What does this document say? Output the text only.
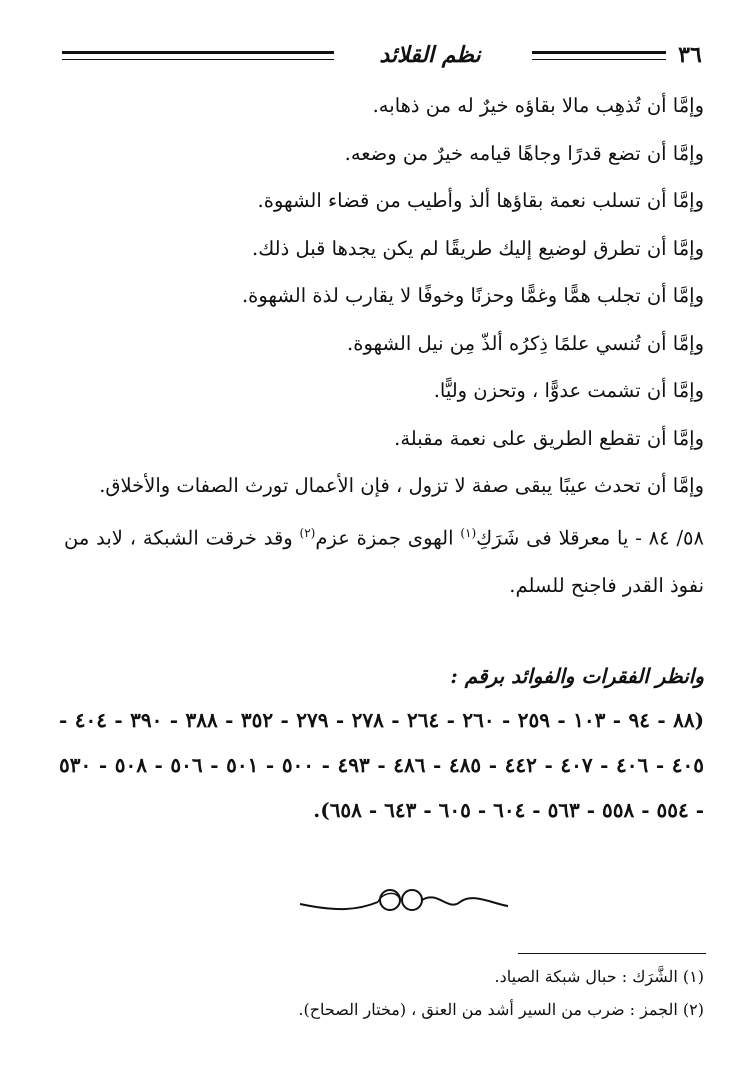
٣٦
نظم القلائد

وإمَّا أن تُذهِب مالا بقاؤه خيرٌ له من ذهابه.

وإمَّا أن تضع قدرًا وجاهًا قيامه خيرٌ من وضعه.

وإمَّا أن تسلب نعمة بقاؤها ألذ وأطيب من قضاء الشهوة.

وإمَّا أن تطرق لوضيع إليك طريقًا لم يكن يجدها قبل ذلك.

وإمَّا أن تجلب همًّا وغمًّا وحزنًا وخوفًا لا يقارب لذة الشهوة.

وإمَّا أن تُنسي علمًا ذِكرُه ألذّ مِن نيل الشهوة.

وإمَّا أن تشمت عدوًّا ، وتحزن وليًّا.

وإمَّا أن تقطع الطريق على نعمة مقبلة.

وإمَّا أن تحدث عيبًا يبقى صفة لا تزول ، فإن الأعمال تورث الصفات والأخلاق.

٥٨/ ٨٤ - يا معرقلا فى شَرَكِ$^{(١)}$ الهوى جمزة عزم$^{(٢)}$ وقد خرقت الشبكة ، لابد من نفوذ القدر فاجنح للسلم.

وانظر الفقرات والفوائد برقم :
(٨٨ - ٩٤ - ١٠٣ - ٢٥٩ - ٢٦٠ - ٢٦٤ - ٢٧٨ - ٢٧٩ - ٣٥٢ - ٣٨٨ - ٣٩٠ - ٤٠٤ - ٤٠٥ - ٤٠٦ - ٤٠٧ - ٤٤٢ - ٤٨٥ - ٤٨٦ - ٤٩٣ - ٥٠٠ - ٥٠١ - ٥٠٦ - ٥٠٨ - ٥٣٠ - ٥٥٤ - ٥٥٨ - ٥٦٣ - ٦٠٤ - ٦٠٥ - ٦٤٣ - ٦٥٨).

(١) الشَّرَك : حبال شبكة الصياد.

(٢) الجمز : ضرب من السير أشد من العنق ، (مختار الصحاح).
